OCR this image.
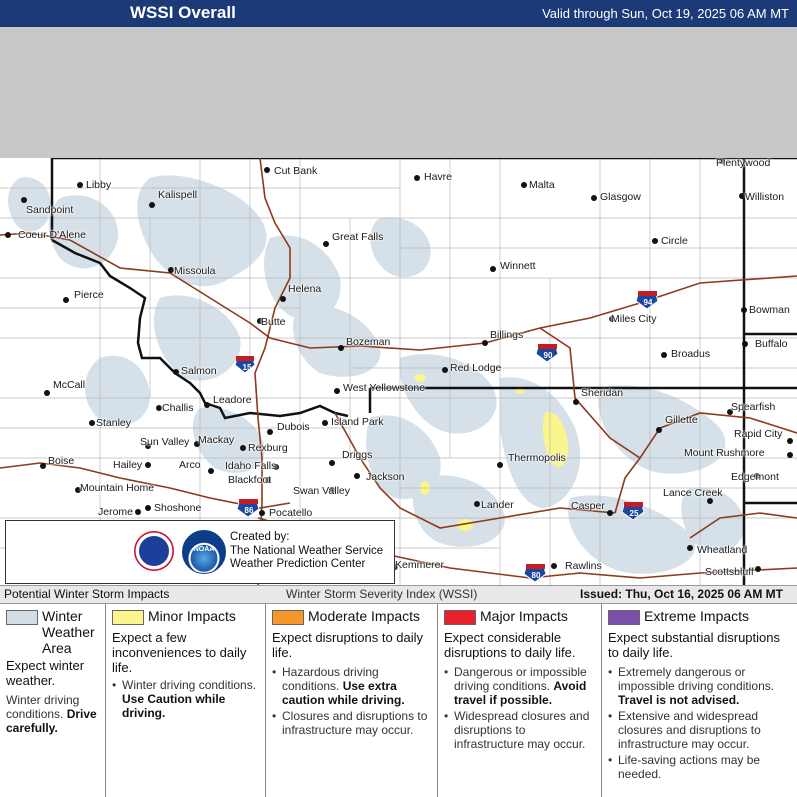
WSSI Overall	Valid through Sun, Oct 19, 2025 06 AM MT
Plentywood
Cut Bank	Havre
Libby
Kalispell
Malta
Glasgow	Williston
Sandpoint
Coeur D'Alene	Great Falls	Circle
Missoula	Winnett
Pierce	Helena
Bowman
Miles City
Butte
Billings
Buffalo
Bozeman
Broadus
Salmon	Red Lodge
McCall	West Yellowstone	Sheridan
Leadore
Challis	Spearfish
Stanley	Island Park	Gillette
Rapid City
Sun Valley Mackay
Dubois
Mount Rushmore
Rexburg
Driggs	Thermopolis
Hailey	Arco Idaho Falls
Edgemont
Boise
Jackson
Blackfoot
Mountain Home	Swan Valley	Lance Creek
Shoshone	Lander
Jerome	Pocatello
Casper
Wheatland
Kemmerer	Rawlins	Scottsbluff
15
90
94
86	25
80
NOAA
Created by:
The National Weather Service
Weather Prediction Center
Potential Winter Storm Impacts	Winter Storm Severity Index (WSSI)	Issued: Thu, Oct 16, 2025 06 AM MT
Winter
Weather
Area
Expect winter weather.
Winter driving conditions. Drive carefully.
Minor Impacts
Expect a few inconveniences to daily life.
• Winter driving conditions. Use Caution while driving.
Moderate Impacts
Expect disruptions to daily life.
• Hazardous driving conditions. Use extra caution while driving.
• Closures and disruptions to infrastructure may occur.
Major Impacts
Expect considerable disruptions to daily life.
• Dangerous or impossible driving conditions. Avoid travel if possible.
• Widespread closures and disruptions to infrastructure may occur.
Extreme Impacts
Expect substantial disruptions to daily life.
• Extremely dangerous or impossible driving conditions. Travel is not advised.
• Extensive and widespread closures and disruptions to infrastructure may occur.
• Life-saving actions may be needed.
